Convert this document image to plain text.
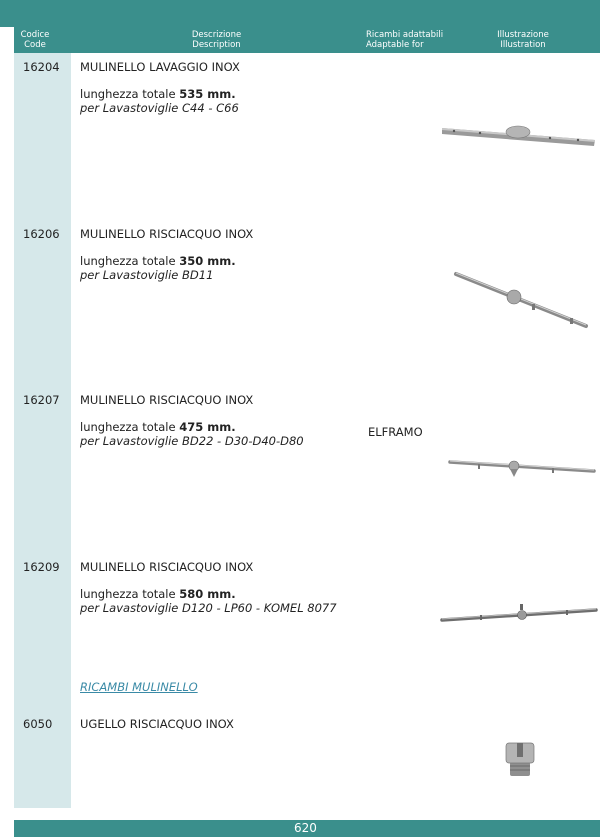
Codice
Code
Descrizione
Description
Ricambi adattabili
Adaptable for
Illustrazione
Illustration
16204 MULINELLO LAVAGGIO INOX
lunghezza totale 535 mm.
per Lavastoviglie C44 - C66
16206 MULINELLO RISCIACQUO INOX
lunghezza totale 350 mm.
per Lavastoviglie BD11
16207 MULINELLO RISCIACQUO INOX
lunghezza totale 475 mm.
per Lavastoviglie BD22 - D30-D40-D80
ELFRAMO
16209 MULINELLO RISCIACQUO INOX
lunghezza totale 580 mm.
per Lavastoviglie D120 - LP60 - KOMEL 8077
RICAMBI MULINELLO
6050 UGELLO RISCIACQUO INOX
620
